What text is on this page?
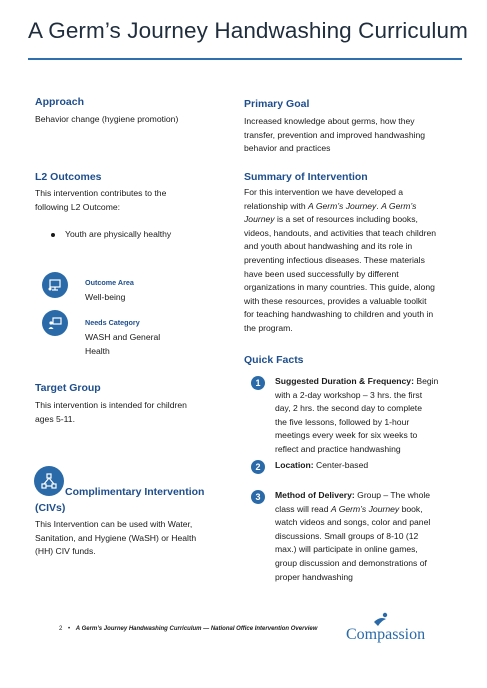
A Germ’s Journey Handwashing Curriculum
Approach
Behavior change (hygiene promotion)
L2 Outcomes
This intervention contributes to the
following L2 Outcome:
Youth are physically healthy
Outcome Area
Well-being
Needs Category
WASH and General
Health
Target Group
This intervention is intended for children
ages 5-11.
Complimentary Intervention
(CIVs)
This Intervention can be used with Water,
Sanitation, and Hygiene (WaSH) or Health
(HH) CIV funds.
Primary Goal
Increased knowledge about germs, how they
transfer, prevention and improved handwashing
behavior and practices
Summary of Intervention
For this intervention we have developed a
relationship with A Germ’s Journey. A Germ’s
Journey is a set of resources including books,
videos, handouts, and activities that teach children
and youth about handwashing and its role in
preventing infectious diseases. These materials
have been used successfully by different
organizations in many countries. This guide, along
with these resources, provides a valuable toolkit
for teaching handwashing to children and youth in
the program.
Quick Facts
1	Suggested Duration & Frequency: Begin
with a 2-day workshop – 3 hrs. the first
day, 2 hrs. the second day to complete
the five lessons, followed by 1-hour
meetings every week for six weeks to
reflect and practice handwashing
2	Location: Center-based
3	Method of Delivery: Group – The whole
class will read A Germ’s Journey book,
watch videos and songs, color and panel
discussions. Small groups of 8-10 (12
max.) will participate in online games,
group discussion and demonstrations of
proper handwashing
2 • A Germ’s Journey Handwashing Curriculum — National Office Intervention Overview Compassion
